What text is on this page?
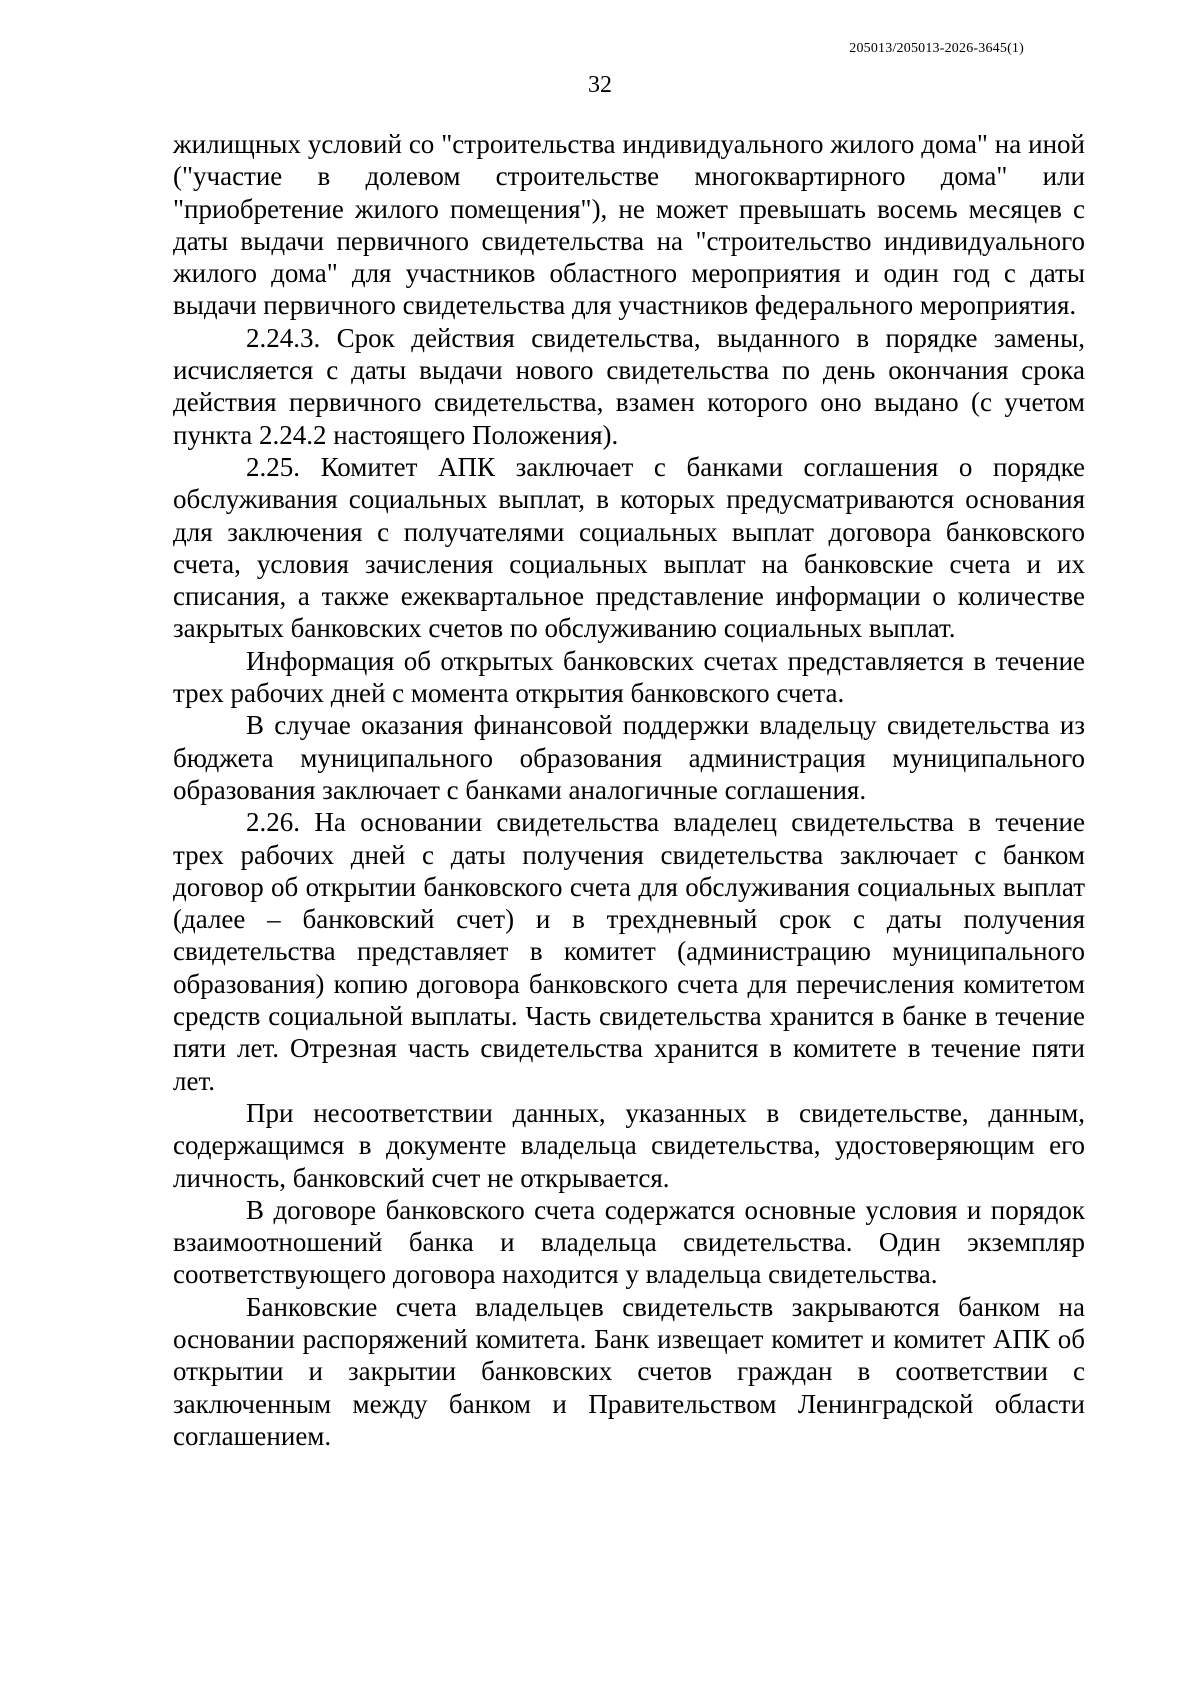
205013/205013-2026-3645(1)
32

жилищных условий со "строительства индивидуального жилого дома" на иной ("участие в долевом строительстве многоквартирного дома" или "приобретение жилого помещения"), не может превышать восемь месяцев с даты выдачи первичного свидетельства на "строительство индивидуального жилого дома" для участников областного мероприятия и один год с даты выдачи первичного свидетельства для участников федерального мероприятия.

2.24.3. Срок действия свидетельства, выданного в порядке замены, исчисляется с даты выдачи нового свидетельства по день окончания срока действия первичного свидетельства, взамен которого оно выдано (с учетом пункта 2.24.2 настоящего Положения).

2.25. Комитет АПК заключает с банками соглашения о порядке обслуживания социальных выплат, в которых предусматриваются основания для заключения с получателями социальных выплат договора банковского счета, условия зачисления социальных выплат на банковские счета и их списания, а также ежеквартальное представление информации о количестве закрытых банковских счетов по обслуживанию социальных выплат.

Информация об открытых банковских счетах представляется в течение трех рабочих дней с момента открытия банковского счета.

В случае оказания финансовой поддержки владельцу свидетельства из бюджета муниципального образования администрация муниципального образования заключает с банками аналогичные соглашения.

2.26. На основании свидетельства владелец свидетельства в течение трех рабочих дней с даты получения свидетельства заключает с банком договор об открытии банковского счета для обслуживания социальных выплат (далее – банковский счет) и в трехдневный срок с даты получения свидетельства представляет в комитет (администрацию муниципального образования) копию договора банковского счета для перечисления комитетом средств социальной выплаты. Часть свидетельства хранится в банке в течение пяти лет. Отрезная часть свидетельства хранится в комитете в течение пяти лет.

При несоответствии данных, указанных в свидетельстве, данным, содержащимся в документе владельца свидетельства, удостоверяющим его личность, банковский счет не открывается.

В договоре банковского счета содержатся основные условия и порядок взаимоотношений банка и владельца свидетельства. Один экземпляр соответствующего договора находится у владельца свидетельства.

Банковские счета владельцев свидетельств закрываются банком на основании распоряжений комитета. Банк извещает комитет и комитет АПК об открытии и закрытии банковских счетов граждан в соответствии с заключенным между банком и Правительством Ленинградской области соглашением.
